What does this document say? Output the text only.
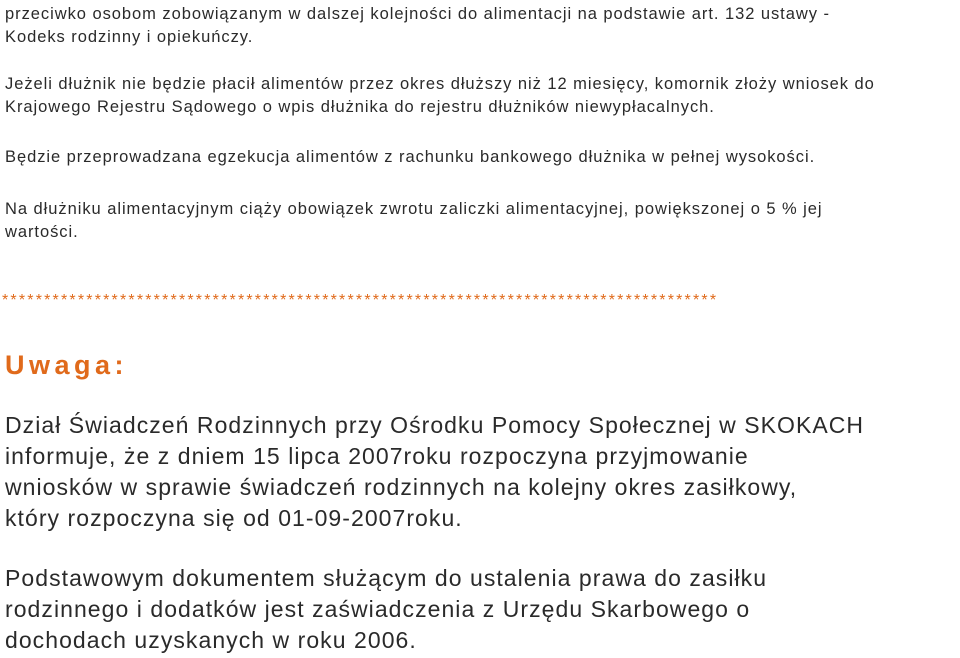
przeciwko osobom zobowiązanym w dalszej kolejności do alimentacji na podstawie art. 132 ustawy -
Kodeks rodzinny i opiekuńczy.

Jeżeli dłużnik nie będzie płacił alimentów przez okres dłuższy niż 12 miesięcy, komornik złoży wniosek do
Krajowego Rejestru Sądowego o wpis dłużnika do rejestru dłużników niewypłacalnych.

Będzie przeprowadzana egzekucja alimentów z rachunku bankowego dłużnika w pełnej wysokości.

Na dłużniku alimentacyjnym ciąży obowiązek zwrotu zaliczki alimentacyjnej, powiększonej o 5 % jej
wartości.

*************************************************************************************

Uwaga:

Dział Świadczeń Rodzinnych przy Ośrodku Pomocy Społecznej w SKOKACH
informuje, że z dniem 15 lipca 2007roku rozpoczyna przyjmowanie
wniosków w sprawie świadczeń rodzinnych na kolejny okres zasiłkowy,
który rozpoczyna się od 01-09-2007roku.

Podstawowym dokumentem służącym do ustalenia prawa do zasiłku
rodzinnego i dodatków jest zaświadczenia z Urzędu Skarbowego o
dochodach uzyskanych w roku 2006.
